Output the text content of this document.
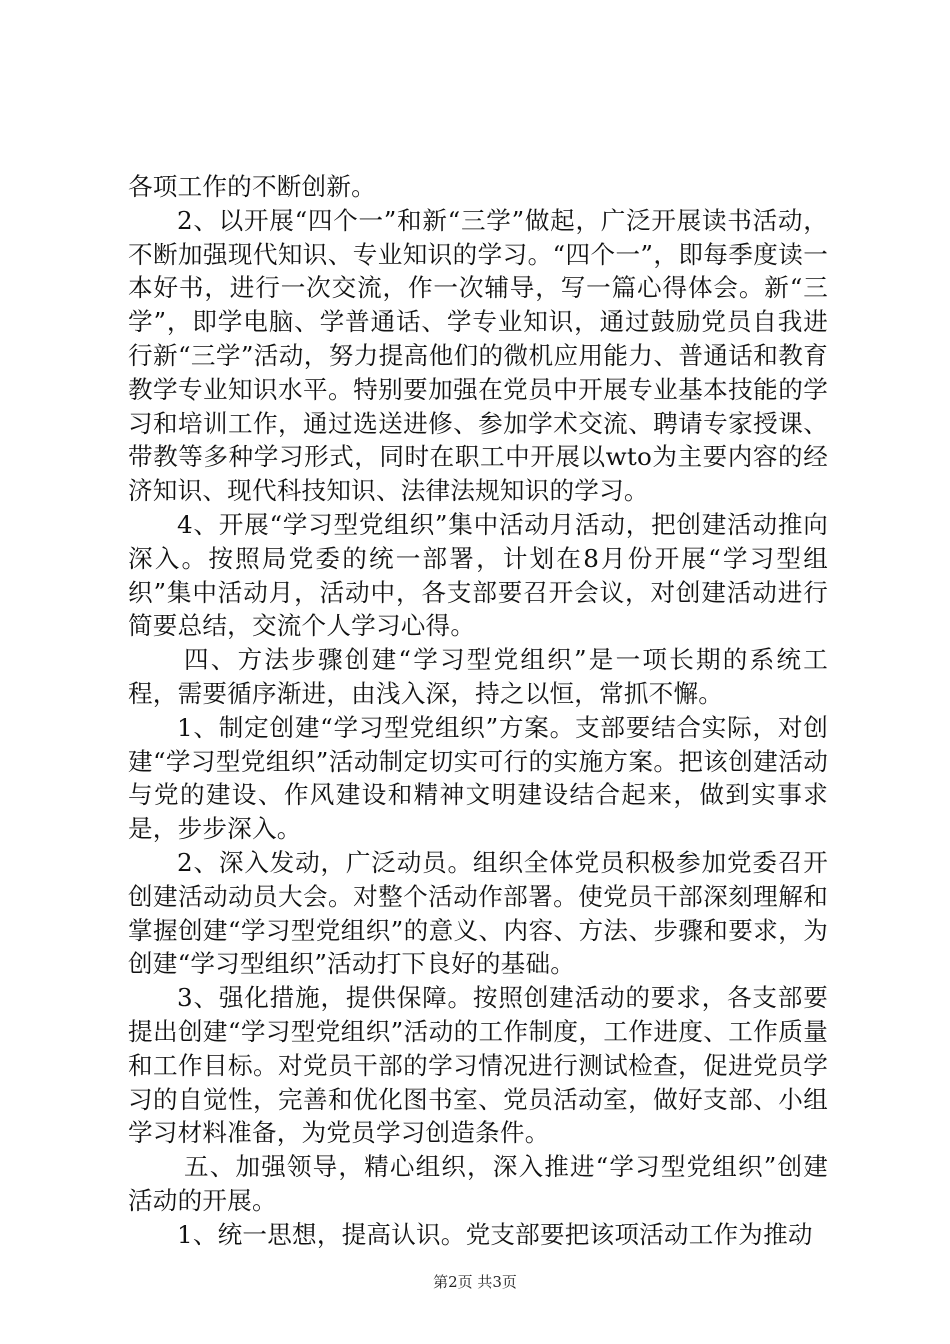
各项工作的不断创新。

2、以开展“四个一”和新“三学”做起，广泛开展读书活动，不断加强现代知识、专业知识的学习。“四个一”，即每季度读一本好书，进行一次交流，作一次辅导，写一篇心得体会。新“三学”，即学电脑、学普通话、学专业知识，通过鼓励党员自我进行新“三学”活动，努力提高他们的微机应用能力、普通话和教育教学专业知识水平。特别要加强在党员中开展专业基本技能的学习和培训工作，通过选送进修、参加学术交流、聘请专家授课、带教等多种学习形式，同时在职工中开展以wto为主要内容的经济知识、现代科技知识、法律法规知识的学习。

4、开展“学习型党组织”集中活动月活动，把创建活动推向深入。按照局党委的统一部署，计划在8月份开展“学习型组织”集中活动月，活动中，各支部要召开会议，对创建活动进行简要总结，交流个人学习心得。

四、方法步骤创建“学习型党组织”是一项长期的系统工程，需要循序渐进，由浅入深，持之以恒，常抓不懈。

1、制定创建“学习型党组织”方案。支部要结合实际，对创建“学习型党组织”活动制定切实可行的实施方案。把该创建活动与党的建设、作风建设和精神文明建设结合起来，做到实事求是，步步深入。

2、深入发动，广泛动员。组织全体党员积极参加党委召开创建活动动员大会。对整个活动作部署。使党员干部深刻理解和掌握创建“学习型党组织”的意义、内容、方法、步骤和要求，为创建“学习型组织”活动打下良好的基础。

3、强化措施，提供保障。按照创建活动的要求，各支部要提出创建“学习型党组织”活动的工作制度，工作进度、工作质量和工作目标。对党员干部的学习情况进行测试检查，促进党员学习的自觉性，完善和优化图书室、党员活动室，做好支部、小组学习材料准备，为党员学习创造条件。

五、加强领导，精心组织，深入推进“学习型党组织”创建活动的开展。

1、统一思想，提高认识。党支部要把该项活动工作为推动

第2页 共3页
